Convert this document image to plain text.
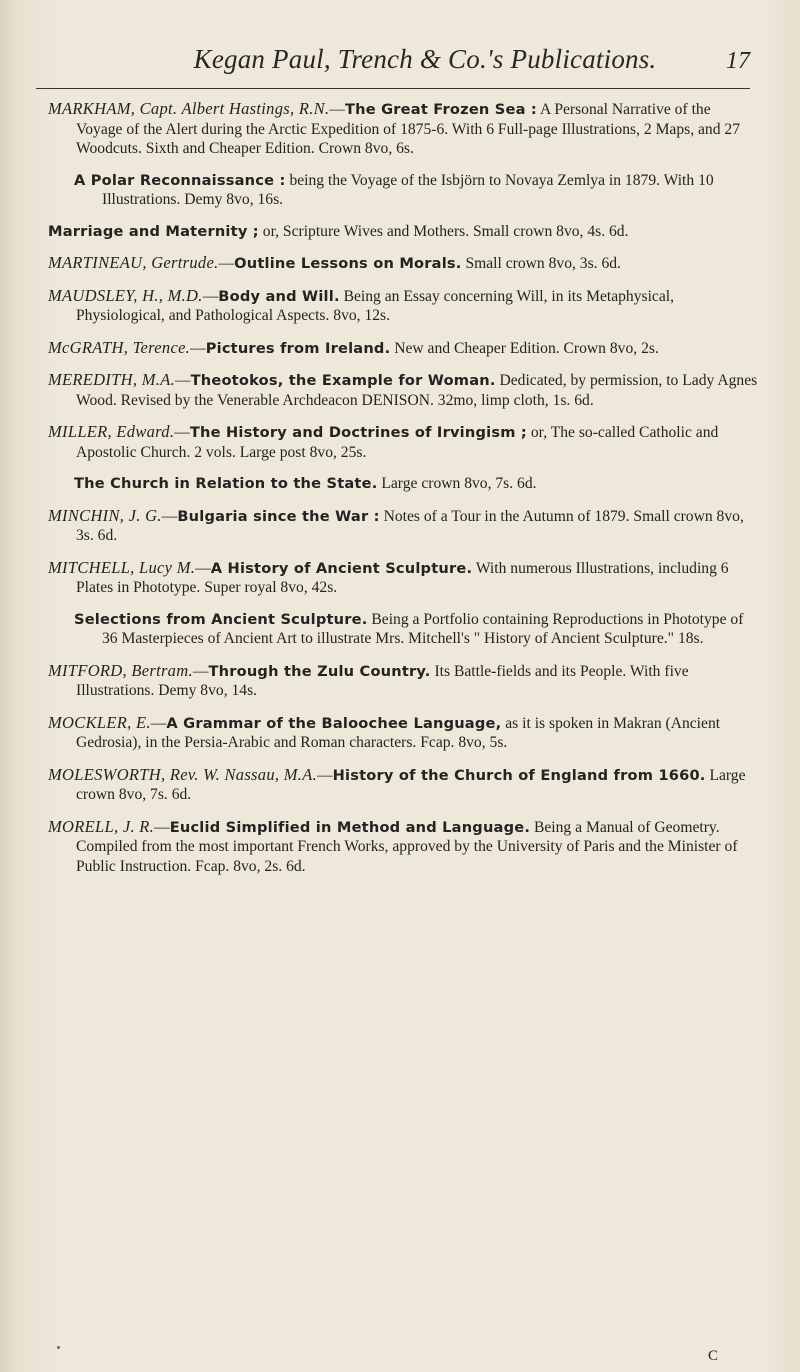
Kegan Paul, Trench & Co.'s Publications.	17

MARKHAM, Capt. Albert Hastings, R.N.—The Great Frozen Sea : A Personal Narrative of the Voyage of the Alert during the Arctic Expedition of 1875-6. With 6 Full-page Illustrations, 2 Maps, and 27 Woodcuts. Sixth and Cheaper Edition. Crown 8vo, 6s.

A Polar Reconnaissance : being the Voyage of the Isbjörn to Novaya Zemlya in 1879. With 10 Illustrations. Demy 8vo, 16s.

Marriage and Maternity ; or, Scripture Wives and Mothers. Small crown 8vo, 4s. 6d.

MARTINEAU, Gertrude.—Outline Lessons on Morals. Small crown 8vo, 3s. 6d.

MAUDSLEY, H., M.D.—Body and Will. Being an Essay concerning Will, in its Metaphysical, Physiological, and Pathological Aspects. 8vo, 12s.

McGRATH, Terence.—Pictures from Ireland. New and Cheaper Edition. Crown 8vo, 2s.

MEREDITH, M.A.—Theotokos, the Example for Woman. Dedicated, by permission, to Lady Agnes Wood. Revised by the Venerable Archdeacon DENISON. 32mo, limp cloth, 1s. 6d.

MILLER, Edward.—The History and Doctrines of Irvingism ; or, The so-called Catholic and Apostolic Church. 2 vols. Large post 8vo, 25s.

The Church in Relation to the State. Large crown 8vo, 7s. 6d.

MINCHIN, J. G.—Bulgaria since the War : Notes of a Tour in the Autumn of 1879. Small crown 8vo, 3s. 6d.

MITCHELL, Lucy M.—A History of Ancient Sculpture. With numerous Illustrations, including 6 Plates in Phototype. Super royal 8vo, 42s.

Selections from Ancient Sculpture. Being a Portfolio containing Reproductions in Phototype of 36 Masterpieces of Ancient Art to illustrate Mrs. Mitchell's " History of Ancient Sculpture." 18s.

MITFORD, Bertram.—Through the Zulu Country. Its Battle-fields and its People. With five Illustrations. Demy 8vo, 14s.

MOCKLER, E.—A Grammar of the Baloochee Language, as it is spoken in Makran (Ancient Gedrosia), in the Persia-Arabic and Roman characters. Fcap. 8vo, 5s.

MOLESWORTH, Rev. W. Nassau, M.A.—History of the Church of England from 1660. Large crown 8vo, 7s. 6d.

MORELL, J. R.—Euclid Simplified in Method and Language. Being a Manual of Geometry. Compiled from the most important French Works, approved by the University of Paris and the Minister of Public Instruction. Fcap. 8vo, 2s. 6d.

C
